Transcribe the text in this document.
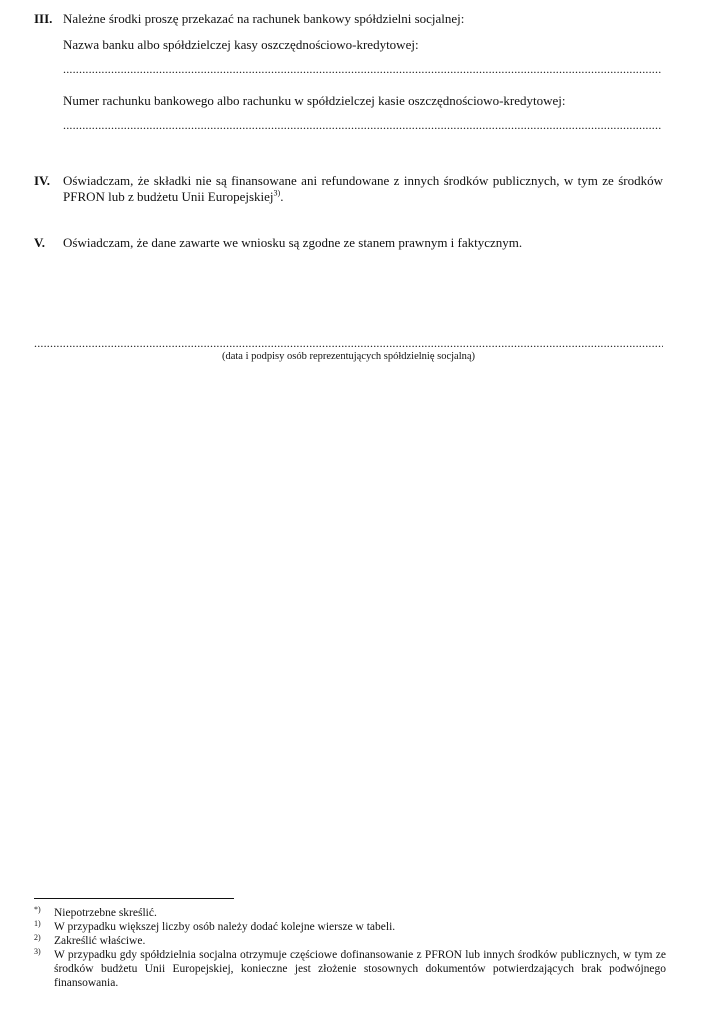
III. Należne środki proszę przekazać na rachunek bankowy spółdzielni socjalnej:
Nazwa banku albo spółdzielczej kasy oszczędnościowo-kredytowej:
.....
Numer rachunku bankowego albo rachunku w spółdzielczej kasie oszczędnościowo-kredytowej:
.....
IV. Oświadczam, że składki nie są finansowane ani refundowane z innych środków publicznych, w tym ze środków PFRON lub z budżetu Unii Europejskiej$^{3)}$.
V. Oświadczam, że dane zawarte we wniosku są zgodne ze stanem prawnym i faktycznym.
.....
(data i podpisy osób reprezentujących spółdzielnię socjalną)
*) Niepotrzebne skreślić.
1) W przypadku większej liczby osób należy dodać kolejne wiersze w tabeli.
2) Zakreślić właściwe.
3) W przypadku gdy spółdzielnia socjalna otrzymuje częściowe dofinansowanie z PFRON lub innych środków publicznych, w tym ze środków budżetu Unii Europejskiej, konieczne jest złożenie stosownych dokumentów potwierdzających brak podwójnego finansowania.
